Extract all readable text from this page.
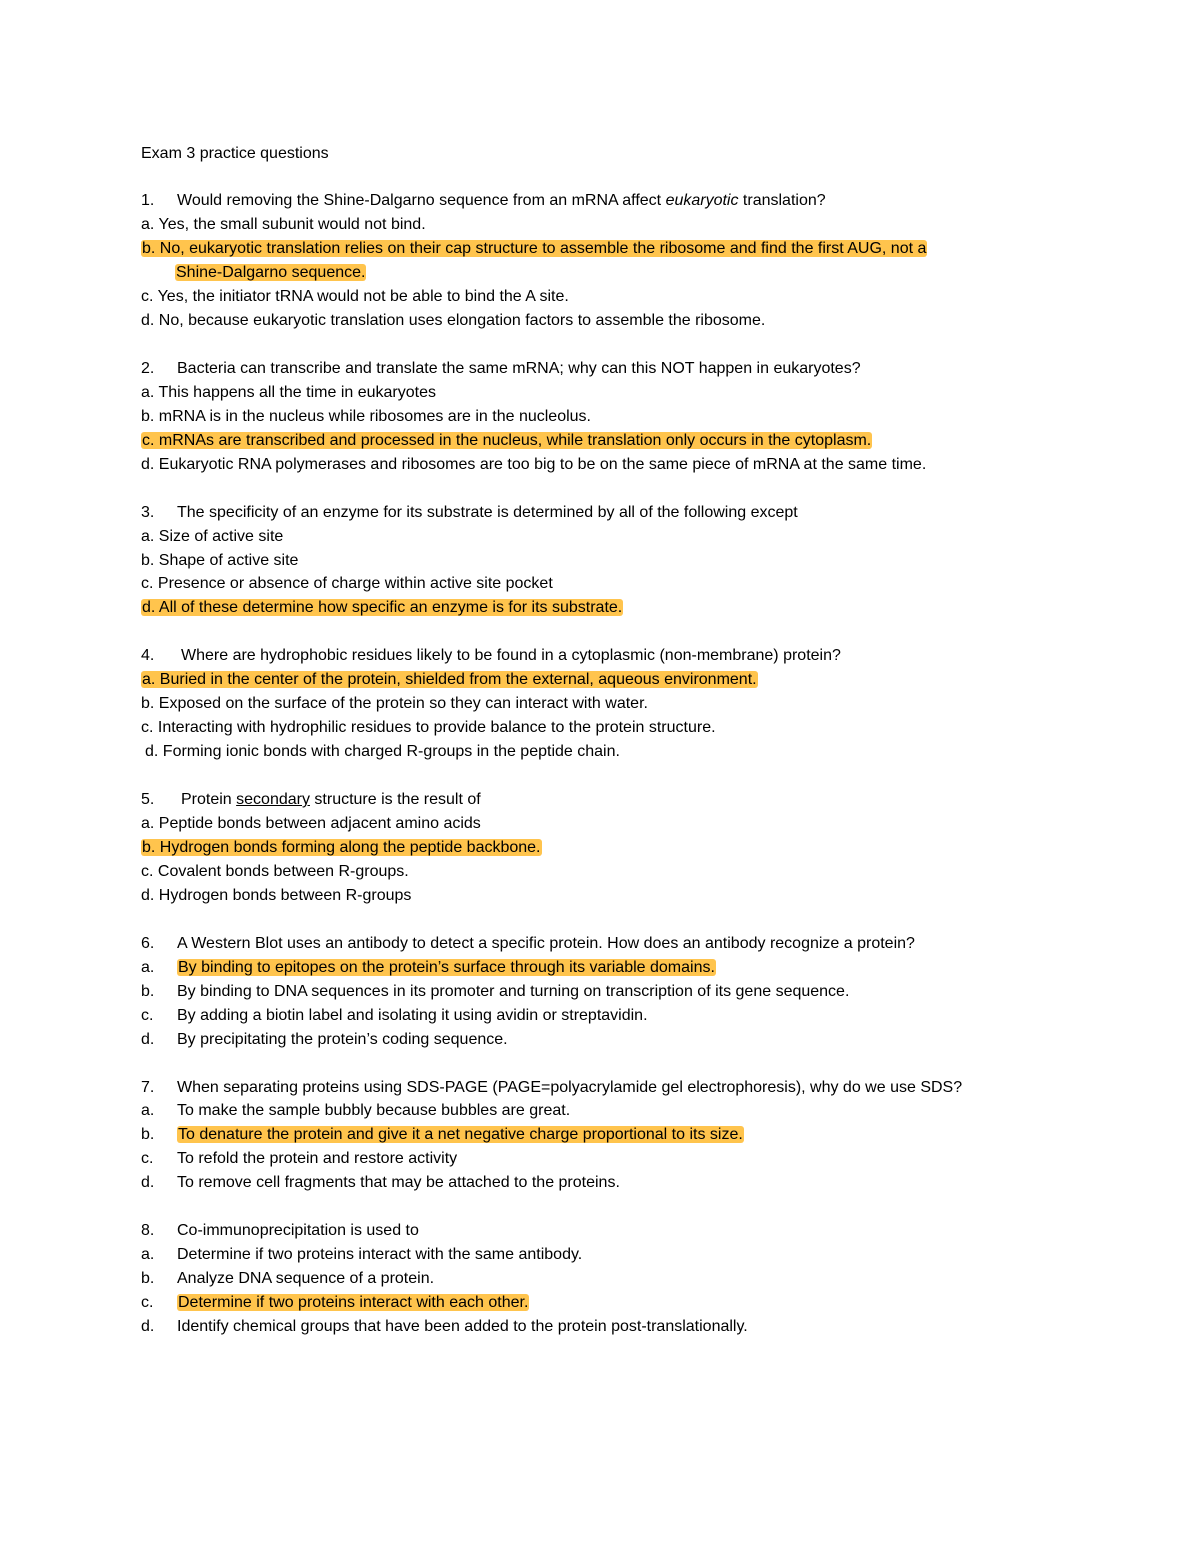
Exam 3 practice questions
1. Would removing the Shine-Dalgarno sequence from an mRNA affect eukaryotic translation?
a. Yes, the small subunit would not bind.
b. No, eukaryotic translation relies on their cap structure to assemble the ribosome and find the first AUG, not a
Shine-Dalgarno sequence.
c. Yes, the initiator tRNA would not be able to bind the A site.
d. No, because eukaryotic translation uses elongation factors to assemble the ribosome.
2. Bacteria can transcribe and translate the same mRNA; why can this NOT happen in eukaryotes?
a. This happens all the time in eukaryotes
b. mRNA is in the nucleus while ribosomes are in the nucleolus.
c. mRNAs are transcribed and processed in the nucleus, while translation only occurs in the cytoplasm.
d. Eukaryotic RNA polymerases and ribosomes are too big to be on the same piece of mRNA at the same time.
3. The specificity of an enzyme for its substrate is determined by all of the following except
a. Size of active site
b. Shape of active site
c. Presence or absence of charge within active site pocket
d. All of these determine how specific an enzyme is for its substrate.
4. Where are hydrophobic residues likely to be found in a cytoplasmic (non-membrane) protein?
a. Buried in the center of the protein, shielded from the external, aqueous environment.
b. Exposed on the surface of the protein so they can interact with water.
c. Interacting with hydrophilic residues to provide balance to the protein structure.
d. Forming ionic bonds with charged R-groups in the peptide chain.
5. Protein secondary structure is the result of
a. Peptide bonds between adjacent amino acids
b. Hydrogen bonds forming along the peptide backbone.
c. Covalent bonds between R-groups.
d. Hydrogen bonds between R-groups
6. A Western Blot uses an antibody to detect a specific protein. How does an antibody recognize a protein?
a. By binding to epitopes on the protein’s surface through its variable domains.
b. By binding to DNA sequences in its promoter and turning on transcription of its gene sequence.
c. By adding a biotin label and isolating it using avidin or streptavidin.
d. By precipitating the protein’s coding sequence.
7. When separating proteins using SDS-PAGE (PAGE=polyacrylamide gel electrophoresis), why do we use SDS?
a. To make the sample bubbly because bubbles are great.
b. To denature the protein and give it a net negative charge proportional to its size.
c. To refold the protein and restore activity
d. To remove cell fragments that may be attached to the proteins.
8. Co-immunoprecipitation is used to
a. Determine if two proteins interact with the same antibody.
b. Analyze DNA sequence of a protein.
c. Determine if two proteins interact with each other.
d. Identify chemical groups that have been added to the protein post-translationally.
